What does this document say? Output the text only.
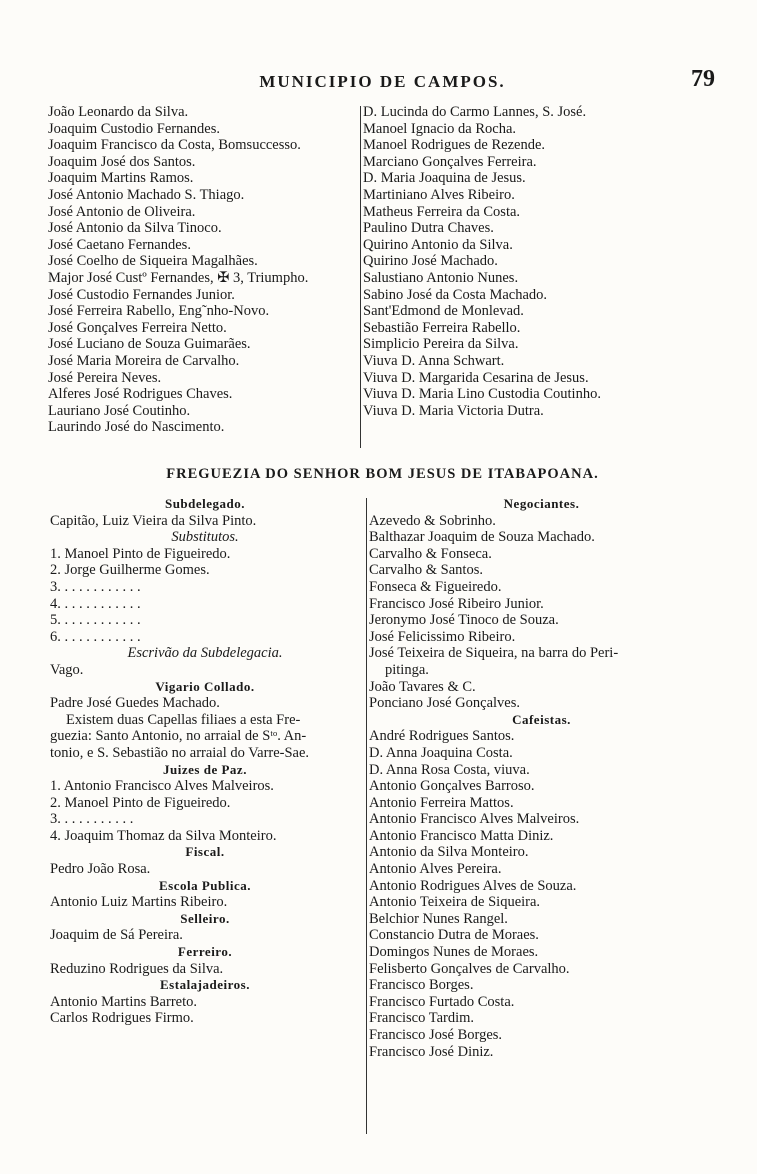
MUNICIPIO DE CAMPOS.	79
João Leonardo da Silva.
Joaquim Custodio Fernandes.
Joaquim Francisco da Costa, Bomsuccesso.
Joaquim José dos Santos.
Joaquim Martins Ramos.
José Antonio Machado S. Thiago.
José Antonio de Oliveira.
José Antonio da Silva Tinoco.
José Caetano Fernandes.
José Coelho de Siqueira Magalhães.
Major José Custº Fernandes, ✠ 3, Triumpho.
José Custodio Fernandes Junior.
José Ferreira Rabello, Eng˜nho-Novo.
José Gonçalves Ferreira Netto.
José Luciano de Souza Guimarães.
José Maria Moreira de Carvalho.
José Pereira Neves.
Alferes José Rodrigues Chaves.
Lauriano José Coutinho.
Laurindo José do Nascimento.
D. Lucinda do Carmo Lannes, S. José.
Manoel Ignacio da Rocha.
Manoel Rodrigues de Rezende.
Marciano Gonçalves Ferreira.
D. Maria Joaquina de Jesus.
Martiniano Alves Ribeiro.
Matheus Ferreira da Costa.
Paulino Dutra Chaves.
Quirino Antonio da Silva.
Quirino José Machado.
Salustiano Antonio Nunes.
Sabino José da Costa Machado.
Sant'Edmond de Monlevad.
Sebastião Ferreira Rabello.
Simplicio Pereira da Silva.
Viuva D. Anna Schwart.
Viuva D. Margarida Cesarina de Jesus.
Viuva D. Maria Lino Custodia Coutinho.
Viuva D. Maria Victoria Dutra.
FREGUEZIA DO SENHOR BOM JESUS DE ITABAPOANA.
Subdelegado.
Capitão, Luiz Vieira da Silva Pinto.
Substitutos.
1. Manoel Pinto de Figueiredo.
2. Jorge Guilherme Gomes.
3. . . . . . . . . . . .
4. . . . . . . . . . . .
5. . . . . . . . . . . .
6. . . . . . . . . . . .
Escrivão da Subdelegacia.
Vago.
Vigario Collado.
Padre José Guedes Machado.
Existem duas Capellas filiaes a esta Fre-
guezia: Santo Antonio, no arraial de Sᵗᵒ. An-
tonio, e S. Sebastião no arraial do Varre-Sae.
Juizes de Paz.
1. Antonio Francisco Alves Malveiros.
2. Manoel Pinto de Figueiredo.
3. . . . . . . . . . .
4. Joaquim Thomaz da Silva Monteiro.
Fiscal.
Pedro João Rosa.
Escola Publica.
Antonio Luiz Martins Ribeiro.
Selleiro.
Joaquim de Sá Pereira.
Ferreiro.
Reduzino Rodrigues da Silva.
Estalajadeiros.
Antonio Martins Barreto.
Carlos Rodrigues Firmo.
Negociantes.
Azevedo & Sobrinho.
Balthazar Joaquim de Souza Machado.
Carvalho & Fonseca.
Carvalho & Santos.
Fonseca & Figueiredo.
Francisco José Ribeiro Junior.
Jeronymo José Tinoco de Souza.
José Felicissimo Ribeiro.
José Teixeira de Siqueira, na barra do Peri-
pitinga.
João Tavares & C.
Ponciano José Gonçalves.
Cafeistas.
André Rodrigues Santos.
D. Anna Joaquina Costa.
D. Anna Rosa Costa, viuva.
Antonio Gonçalves Barroso.
Antonio Ferreira Mattos.
Antonio Francisco Alves Malveiros.
Antonio Francisco Matta Diniz.
Antonio da Silva Monteiro.
Antonio Alves Pereira.
Antonio Rodrigues Alves de Souza.
Antonio Teixeira de Siqueira.
Belchior Nunes Rangel.
Constancio Dutra de Moraes.
Domingos Nunes de Moraes.
Felisberto Gonçalves de Carvalho.
Francisco Borges.
Francisco Furtado Costa.
Francisco Tardim.
Francisco José Borges.
Francisco José Diniz.
